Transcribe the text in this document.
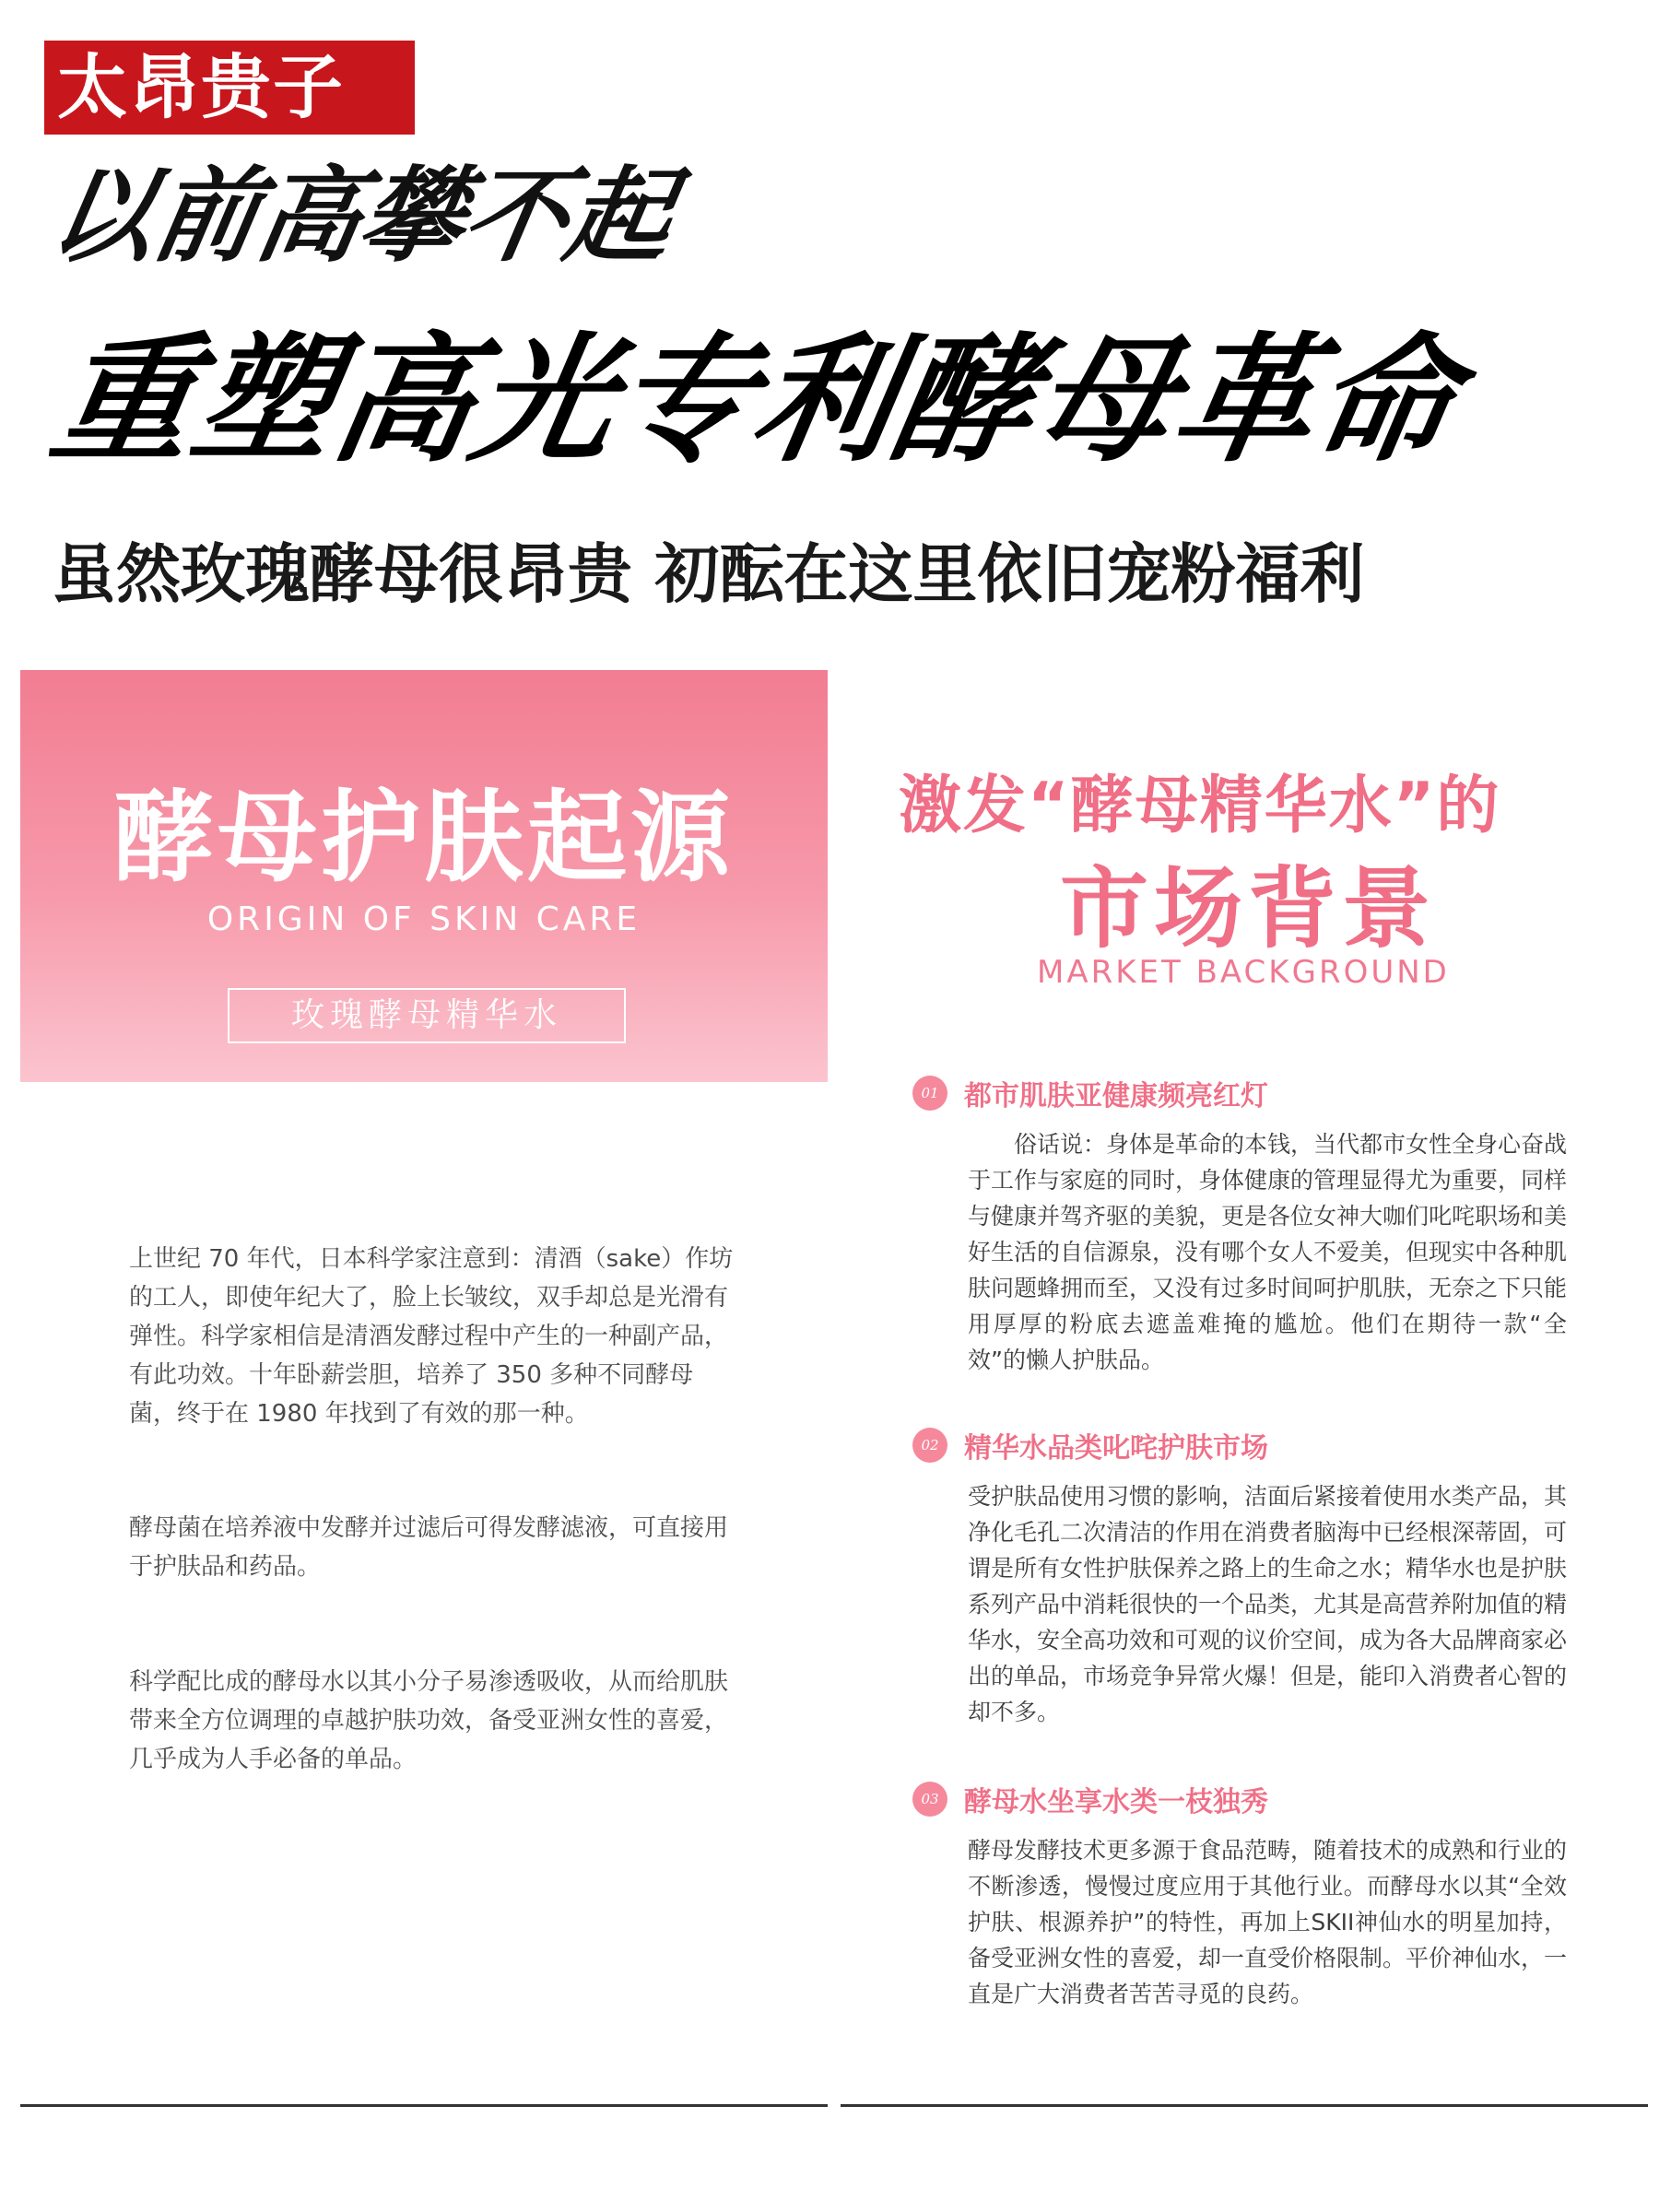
太昂贵子
以前高攀不起
重塑高光专利酵母革命
虽然玫瑰酵母很昂贵 初酝在这里依旧宠粉福利
酵母护肤起源
ORIGIN OF SKIN CARE
玫瑰酵母精华水
上世纪 70 年代，日本科学家注意到：清酒（sake）作坊的工人，即使年纪大了，脸上长皱纹，双手却总是光滑有弹性。科学家相信是清酒发酵过程中产生的一种副产品，有此功效。十年卧薪尝胆，培养了 350 多种不同酵母菌，终于在 1980 年找到了有效的那一种。
酵母菌在培养液中发酵并过滤后可得发酵滤液，可直接用于护肤品和药品。
科学配比成的酵母水以其小分子易渗透吸收，从而给肌肤带来全方位调理的卓越护肤功效，备受亚洲女性的喜爱，几乎成为人手必备的单品。
激发“酵母精华水”的
市场背景
MARKET BACKGROUND
01 都市肌肤亚健康频亮红灯
　　俗话说：身体是革命的本钱，当代都市女性全身心奋战于工作与家庭的同时，身体健康的管理显得尤为重要，同样与健康并驾齐驱的美貌，更是各位女神大咖们叱咤职场和美好生活的自信源泉，没有哪个女人不爱美，但现实中各种肌肤问题蜂拥而至，又没有过多时间呵护肌肤，无奈之下只能用厚厚的粉底去遮盖难掩的尴尬。他们在期待一款“全效”的懒人护肤品。
02 精华水品类叱咤护肤市场
受护肤品使用习惯的影响，洁面后紧接着使用水类产品，其净化毛孔二次清洁的作用在消费者脑海中已经根深蒂固，可谓是所有女性护肤保养之路上的生命之水；精华水也是护肤系列产品中消耗很快的一个品类，尤其是高营养附加值的精华水，安全高功效和可观的议价空间，成为各大品牌商家必出的单品，市场竞争异常火爆！但是，能印入消费者心智的却不多。
03 酵母水坐享水类一枝独秀
酵母发酵技术更多源于食品范畴，随着技术的成熟和行业的不断渗透，慢慢过度应用于其他行业。而酵母水以其“全效护肤、根源养护”的特性，再加上SKII神仙水的明星加持，备受亚洲女性的喜爱，却一直受价格限制。平价神仙水，一直是广大消费者苦苦寻觅的良药。
